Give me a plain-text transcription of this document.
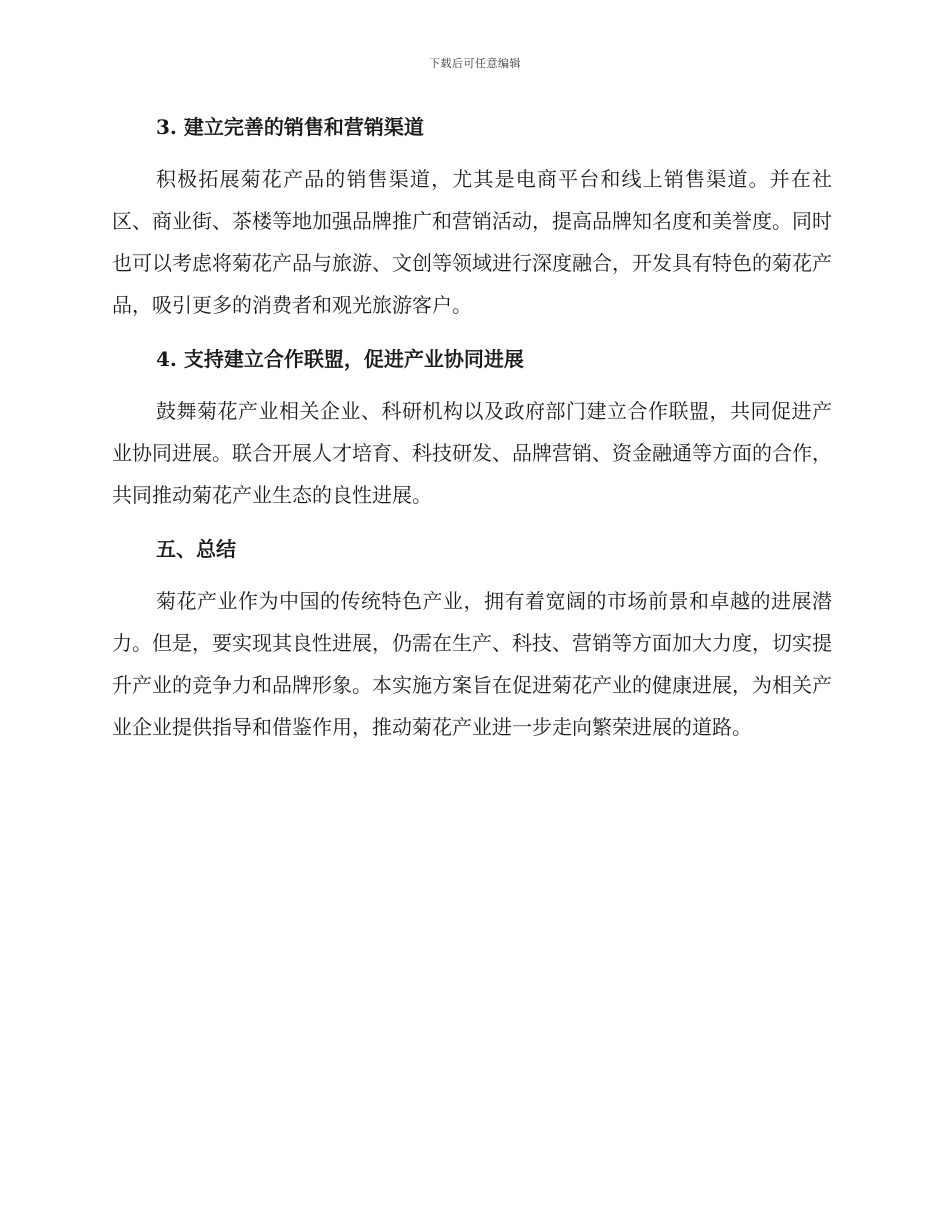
下载后可任意编辑
3. 建立完善的销售和营销渠道

积极拓展菊花产品的销售渠道，尤其是电商平台和线上销售渠道。并在社区、商业街、茶楼等地加强品牌推广和营销活动，提高品牌知名度和美誉度。同时也可以考虑将菊花产品与旅游、文创等领域进行深度融合，开发具有特色的菊花产品，吸引更多的消费者和观光旅游客户。

4. 支持建立合作联盟，促进产业协同进展

鼓舞菊花产业相关企业、科研机构以及政府部门建立合作联盟，共同促进产业协同进展。联合开展人才培育、科技研发、品牌营销、资金融通等方面的合作，共同推动菊花产业生态的良性进展。

五、总结

菊花产业作为中国的传统特色产业，拥有着宽阔的市场前景和卓越的进展潜力。但是，要实现其良性进展，仍需在生产、科技、营销等方面加大力度，切实提升产业的竞争力和品牌形象。本实施方案旨在促进菊花产业的健康进展，为相关产业企业提供指导和借鉴作用，推动菊花产业进一步走向繁荣进展的道路。
